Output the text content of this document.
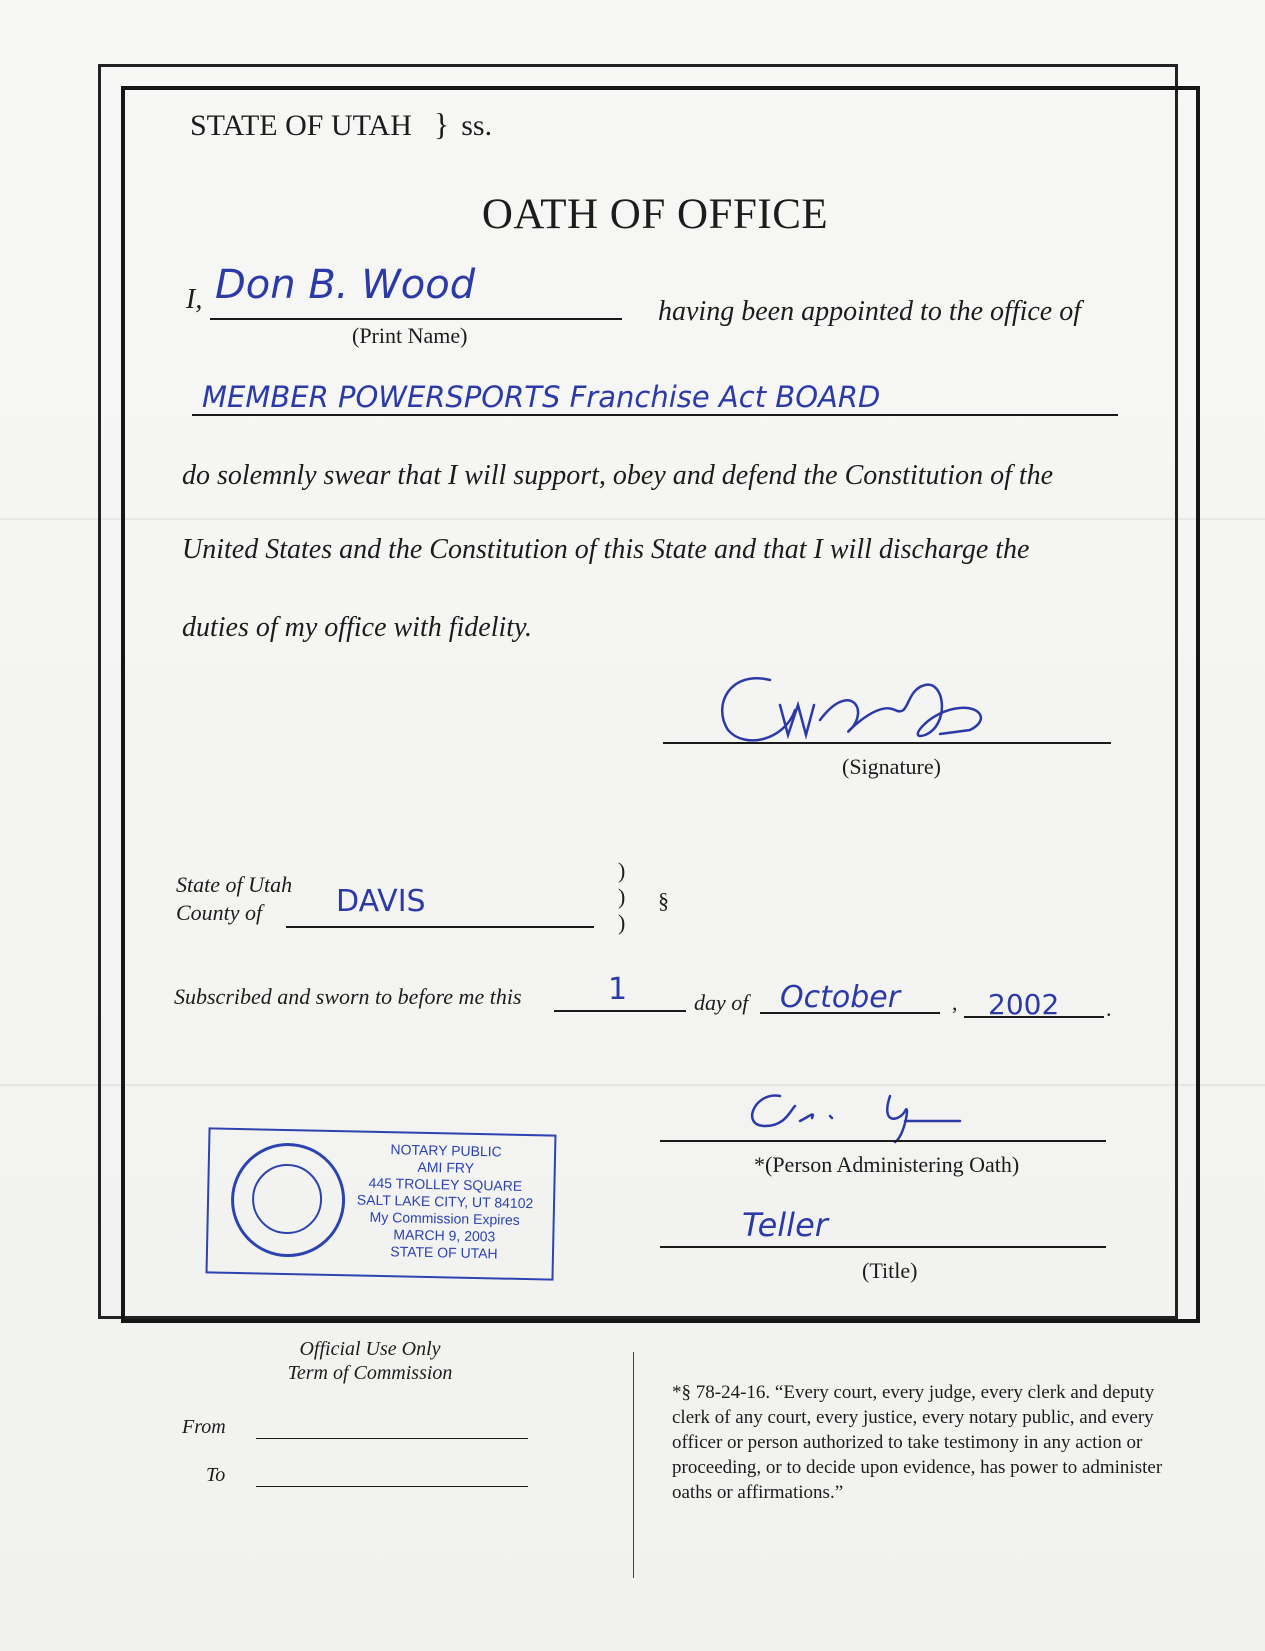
STATE OF UTAH } ss.
OATH OF OFFICE
I, Don B. Wood
(Print Name)
having been appointed to the office of
MEMBER POWERSPORTS Franchise Act BOARD
do solemnly swear that I will support, obey and defend the Constitution of the
United States and the Constitution of this State and that I will discharge the
duties of my office with fidelity.
(Signature)
State of Utah
County of DAVIS
)
)
)
§
Subscribed and sworn to before me this	1	day of October , 2002 .
*(Person Administering Oath)
Teller
(Title)
NOTARY PUBLIC
AMI FRY
445 TROLLEY SQUARE
SALT LAKE CITY, UT 84102
My Commission Expires
MARCH 9, 2003
STATE OF UTAH
Official Use Only
Term of Commission
From
To
*§ 78-24-16. “Every court, every judge, every clerk and deputy clerk of any court, every justice, every notary public, and every officer or person authorized to take testimony in any action or proceeding, or to decide upon evidence, has power to administer oaths or affirmations.”
